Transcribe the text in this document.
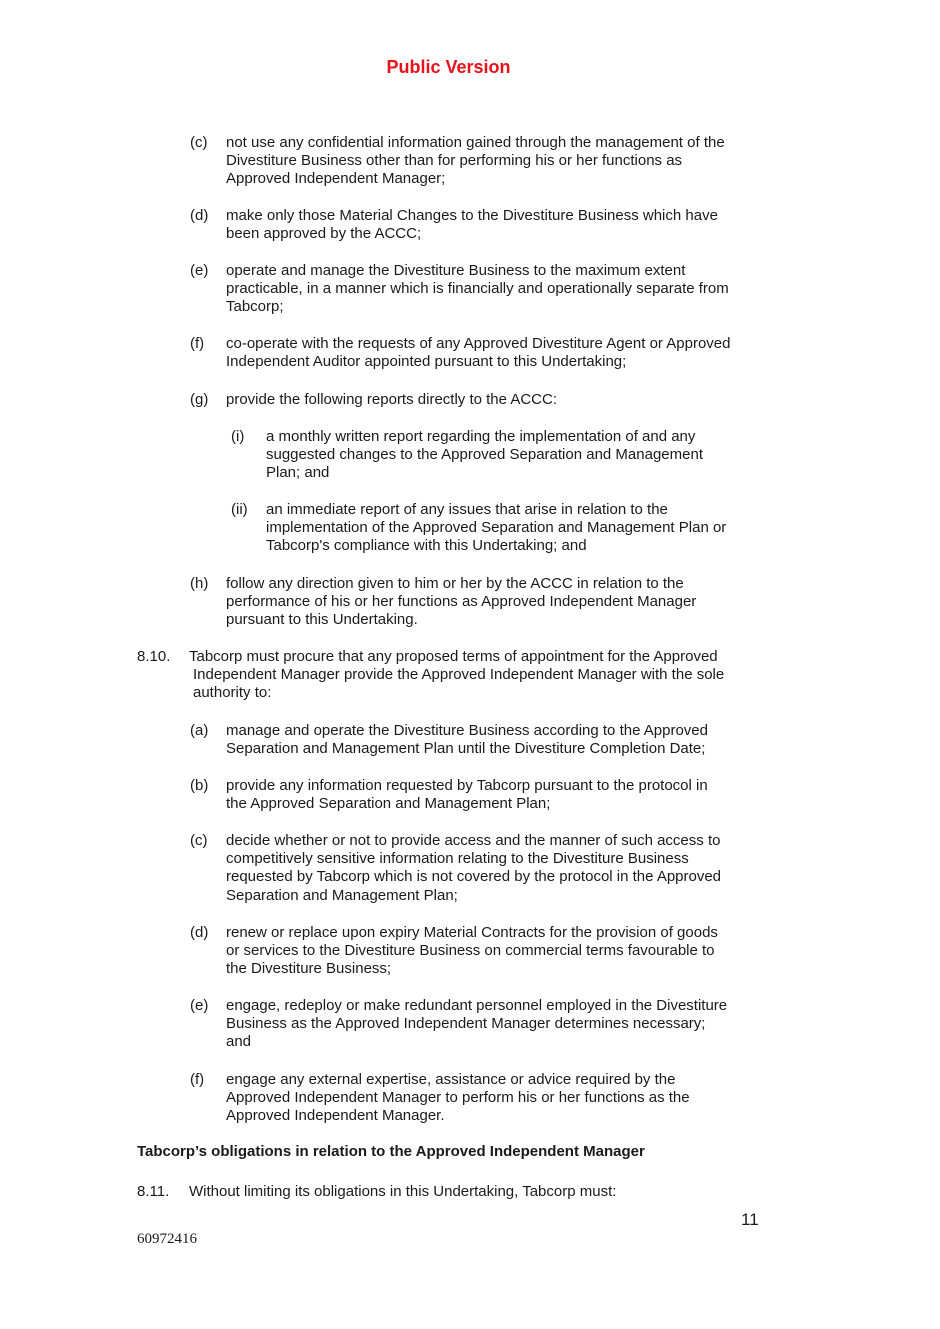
Public Version
(c) not use any confidential information gained through the management of the
Divestiture Business other than for performing his or her functions as
Approved Independent Manager;
(d) make only those Material Changes to the Divestiture Business which have
been approved by the ACCC;
(e) operate and manage the Divestiture Business to the maximum extent
practicable, in a manner which is financially and operationally separate from
Tabcorp;
(f) co-operate with the requests of any Approved Divestiture Agent or Approved
Independent Auditor appointed pursuant to this Undertaking;
(g) provide the following reports directly to the ACCC:
(i) a monthly written report regarding the implementation of and any
suggested changes to the Approved Separation and Management
Plan; and
(ii) an immediate report of any issues that arise in relation to the
implementation of the Approved Separation and Management Plan or
Tabcorp's compliance with this Undertaking; and
(h) follow any direction given to him or her by the ACCC in relation to the
performance of his or her functions as Approved Independent Manager
pursuant to this Undertaking.
8.10. Tabcorp must procure that any proposed terms of appointment for the Approved
Independent Manager provide the Approved Independent Manager with the sole
authority to:
(a) manage and operate the Divestiture Business according to the Approved
Separation and Management Plan until the Divestiture Completion Date;
(b) provide any information requested by Tabcorp pursuant to the protocol in
the Approved Separation and Management Plan;
(c) decide whether or not to provide access and the manner of such access to
competitively sensitive information relating to the Divestiture Business
requested by Tabcorp which is not covered by the protocol in the Approved
Separation and Management Plan;
(d) renew or replace upon expiry Material Contracts for the provision of goods
or services to the Divestiture Business on commercial terms favourable to
the Divestiture Business;
(e) engage, redeploy or make redundant personnel employed in the Divestiture
Business as the Approved Independent Manager determines necessary;
and
(f) engage any external expertise, assistance or advice required by the
Approved Independent Manager to perform his or her functions as the
Approved Independent Manager.
Tabcorp’s obligations in relation to the Approved Independent Manager
8.11. Without limiting its obligations in this Undertaking, Tabcorp must:
11
60972416
